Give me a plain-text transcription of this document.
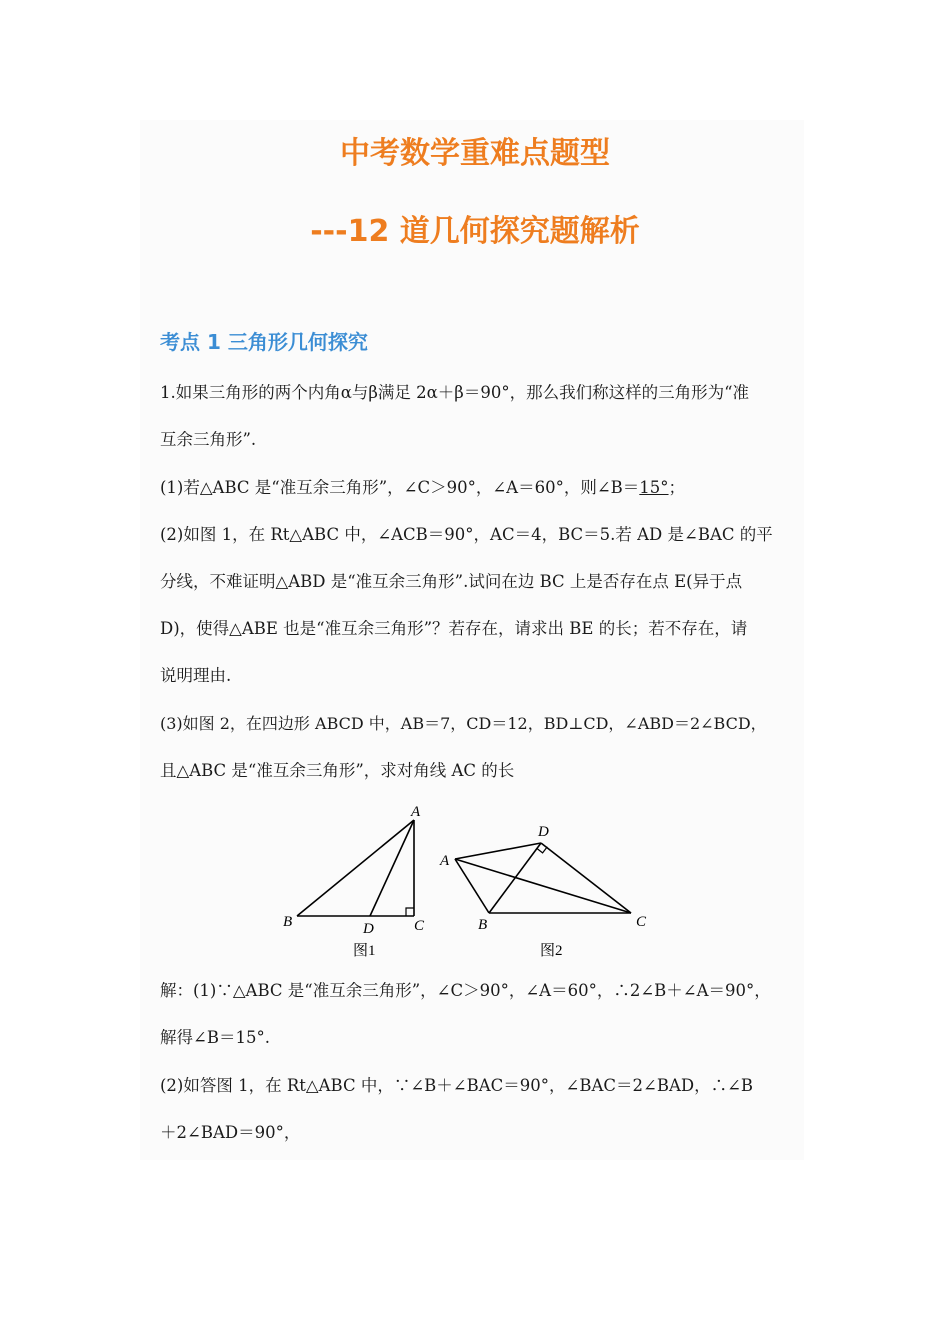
中考数学重难点题型
---12 道几何探究题解析
考点 1 三角形几何探究
1.如果三角形的两个内角α与β满足 2α＋β＝90°，那么我们称这样的三角形为“准
互余三角形”.
(1)若△ABC 是“准互余三角形”，∠C＞90°，∠A＝60°，则∠B＝15°；
(2)如图 1，在 Rt△ABC 中，∠ACB＝90°，AC＝4，BC＝5.若 AD 是∠BAC 的平
分线，不难证明△ABD 是“准互余三角形”.试问在边 BC 上是否存在点 E(异于点
D)，使得△ABE 也是“准互余三角形”？若存在，请求出 BE 的长；若不存在，请
说明理由.
(3)如图 2，在四边形 ABCD 中，AB＝7，CD＝12，BD⊥CD，∠ABD＝2∠BCD，
且△ABC 是“准互余三角形”，求对角线 AC 的长
A
B	C
D
图1
A
B	C
D
图2
解：(1)∵△ABC 是“准互余三角形”，∠C＞90°，∠A＝60°，∴2∠B＋∠A＝90°，
解得∠B＝15°.
(2)如答图 1，在 Rt△ABC 中，∵∠B＋∠BAC＝90°，∠BAC＝2∠BAD，∴∠B
＋2∠BAD＝90°，
